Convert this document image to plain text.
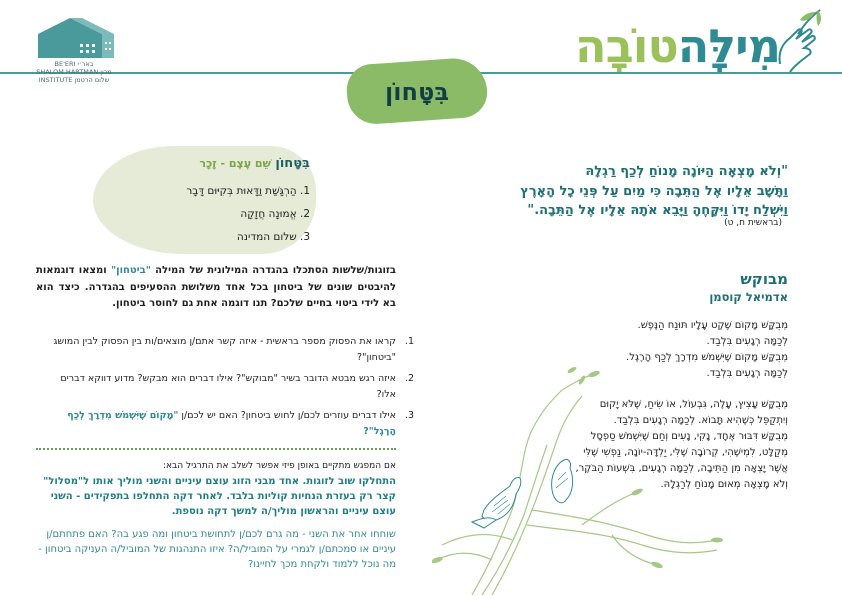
מִילָּהטוֹבָה
BE'ERI באר׳י
SHALOM HARTMAN מכון
INSTITUTE שלום הרטמן	בִּטָּחוֹן
בִּטָּחוֹן שֵׁם עֶצֶם - זָכָר
1. הַרְגָּשַׁת וַדָּאוּת בְּקִיּוּם דָּבָר
2. אֱמוּנָה חֲזָקָה
3. שלום המדינה
בזוגות/שלשות הסתכלו בהגדרה המילונית של המילה "ביטחון" ומצאו דוגמאות להיבטים שונים של ביטחון בכל אחד משלושת ההסעיפים בהגדרה. כיצד הוא בא לידי ביטוי בחיים שלכם? תנו דוגמה אחת גם לחוסר ביטחון.
1.
קראו את הפסוק מספר בראשית - איזה קשר אתם/ן מוצאים/ות בין הפסוק לבין המושג "ביטחון"?
2.
איזה רגש מבטא הדובר בשיר "מבוקש"? אילו דברים הוא מבקש? מדוע דווקא דברים אלו?
3.
אילו דברים עוזרים לכם/ן לחוש ביטחון? האם יש לכם/ן "מָקוֹם שֶׁיִּשְׁמֹשׁ מִדְרָךְ לְכַף הָרֶגֶל"?
אם המפגש מתקיים באופן פיזי אפשר לשלב את התרגיל הבא:
התחלקו שוב לזוגות. אחד מבני הזוג עוצם עיניים והשני מוליך אותו ל"מסלול" קצר רק בעזרת הנחיות קוליות בלבד. לאחר דקה התחלפו בתפקידים - השני עוצם עיניים והראשון מוליך/ה למשך דקה נוספת.
שוחחו אחר את השני - מה גרם לכם/ן לתחושת ביטחון ומה פגע בה? האם פתחתם/ן עיניים או סמכתם/ן לגמרי על המוביל/ה? איזו התנהגות של המוביל/ה העניקה ביטחון - מה נוכל ללמוד ולקחת מכך לחיינו?
"וְלֹא מָצְאָה הַיּוֹנָה מָנוֹחַ לְכַף רַגְלָהּ
וַתָּשָׁב אֵלָיו אֶל הַתֵּבָה כִּי מַיִם עַל פְּנֵי כָל הָאָרֶץ
וַיִּשְׁלַח יָדוֹ וַיִּקָּחֶהָ וַיָּבֵא אֹתָהּ אֵלָיו אֶל הַתֵּבָה."
(בראשית ח, ט)
מבוקש
אדמיאל קוסמן
מְבֻקָּשׁ מָקוֹם שֶׁקֶט עָלָיו תּוּנַח הַנֶּפֶשׁ.
לְכַמָּה רְגָעִים בִּלְבַד.
מְבֻקָּשׁ מָקוֹם שֶׁיִּשְׁמֹשׁ מִדְרָךְ לְכַף הָרֶגֶל.
לְכַמָּה רְגָעִים בִּלְבַד.
מְבֻקָּשׁ עָצִיץ, עָלֶה, גִּבְעוֹל, אוֹ שִׂיחַ, שֶׁלֹּא יָקוּם
וְיִתְקַפֵּל כְּשֶׁהִיא תָּבוֹא. לְכַמָּה רְגָעִים בִּלְבַד.
מְבֻקָּשׁ דִּבּוּר אֶחָד, נָקִי, נָעִים וְחַם שֶׁיִּשְׁמֹשׁ סַפְסָל
מְקַלָּט, לִמְישֶׁהִי, קְרוֹבָה שֶׁלִּי, יַלְדָּה-יוֹנָה, נַפְשִׁי שֶׁלִּי
אֲשֶׁר יָצְאָה מִן הַתֵּיבָה, לְכַמָּה רְגָעִים, בִּשְׁעוֹת הַבֹּקֶר,
וְלֹא מָצְאָה מְאוּם מָנוֹחַ לְרַגְלָהּ.
